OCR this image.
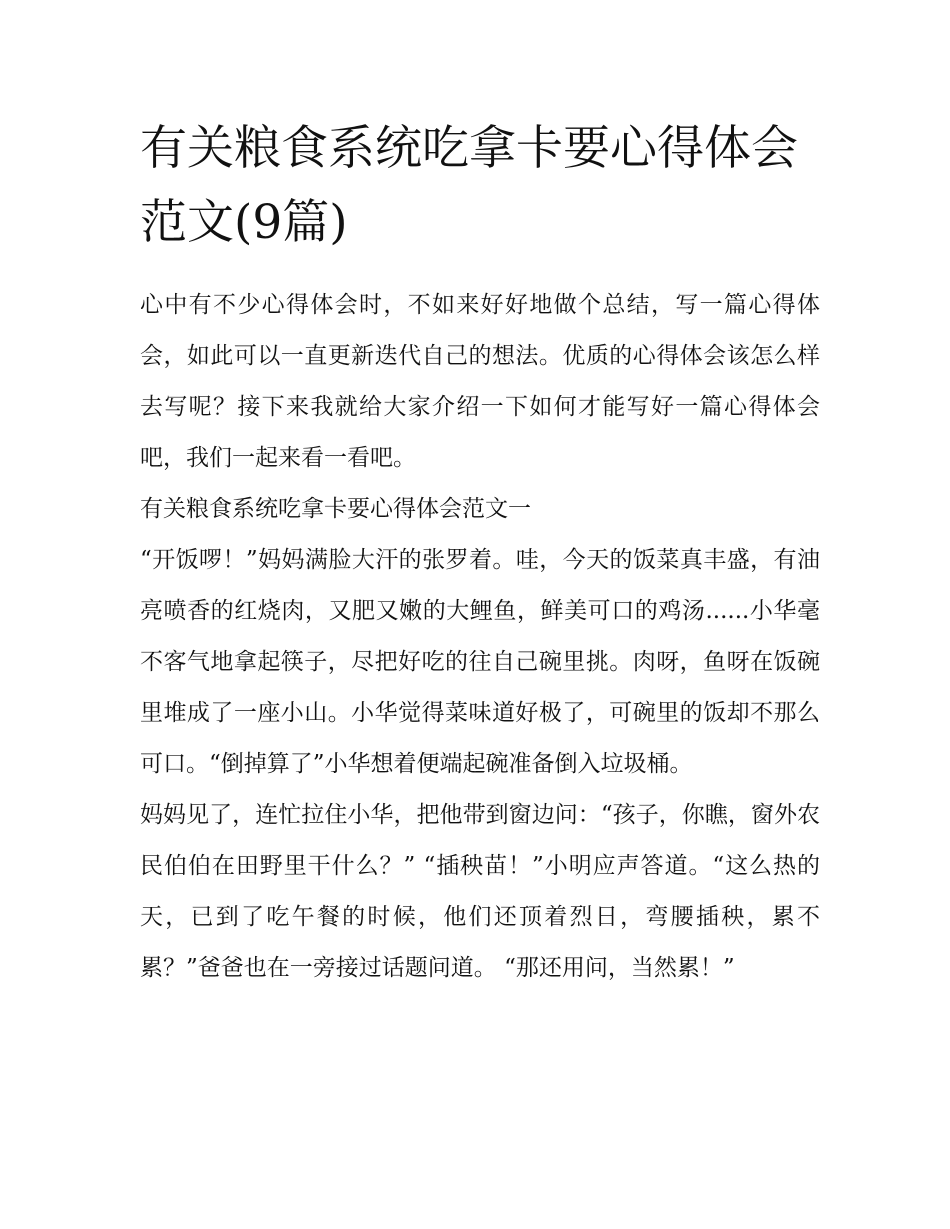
有关粮食系统吃拿卡要心得体会范文(9篇)

心中有不少心得体会时，不如来好好地做个总结，写一篇心得体会，如此可以一直更新迭代自己的想法。优质的心得体会该怎么样去写呢？接下来我就给大家介绍一下如何才能写好一篇心得体会吧，我们一起来看一看吧。

有关粮食系统吃拿卡要心得体会范文一

“开饭啰！”妈妈满脸大汗的张罗着。哇，今天的饭菜真丰盛，有油亮喷香的红烧肉，又肥又嫩的大鲤鱼，鲜美可口的鸡汤......小华毫不客气地拿起筷子，尽把好吃的往自己碗里挑。肉呀，鱼呀在饭碗里堆成了一座小山。小华觉得菜味道好极了，可碗里的饭却不那么可口。“倒掉算了”小华想着便端起碗准备倒入垃圾桶。

妈妈见了，连忙拉住小华，把他带到窗边问：“孩子，你瞧，窗外农民伯伯在田野里干什么？” “插秧苗！”小明应声答道。“这么热的天，已到了吃午餐的时候，他们还顶着烈日，弯腰插秧，累不累？”爸爸也在一旁接过话题问道。 “那还用问，当然累！”
